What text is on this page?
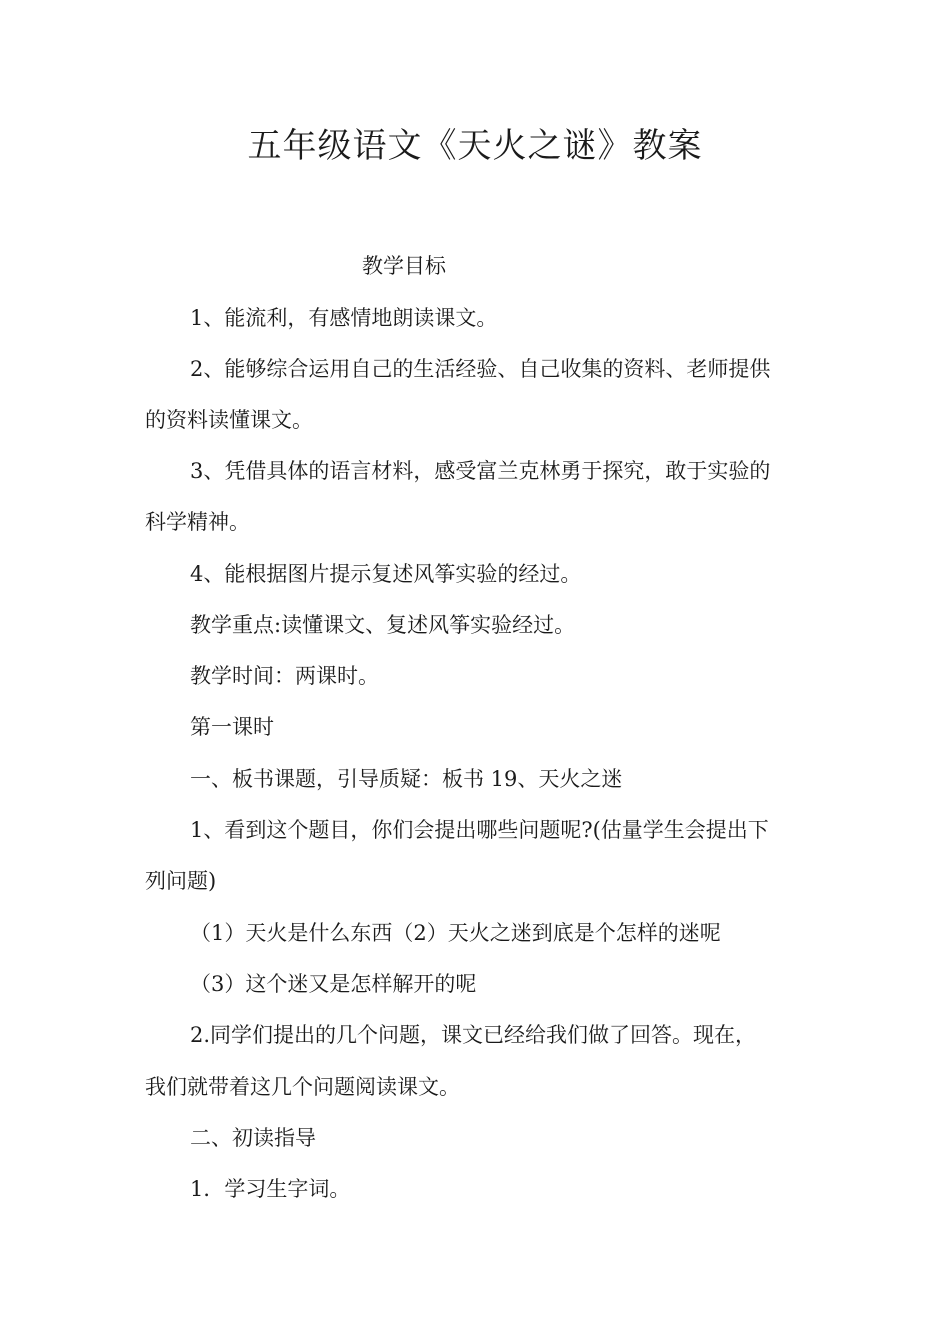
五年级语文《天火之谜》教案
教学目标
1、能流利，有感情地朗读课文。
2、能够综合运用自己的生活经验、自己收集的资料、老师提供
的资料读懂课文。
3、凭借具体的语言材料，感受富兰克林勇于探究，敢于实验的
科学精神。
4、能根据图片提示复述风筝实验的经过。
教学重点:读懂课文、复述风筝实验经过。
教学时间：两课时。
第一课时
一、板书课题，引导质疑：板书 19、天火之迷
1、看到这个题目，你们会提出哪些问题呢?(估量学生会提出下
列问题)
（1）天火是什么东西（2）天火之迷到底是个怎样的迷呢
（3）这个迷又是怎样解开的呢
2.同学们提出的几个问题，课文已经给我们做了回答。现在，
我们就带着这几个问题阅读课文。
二、初读指导
1．学习生字词。
